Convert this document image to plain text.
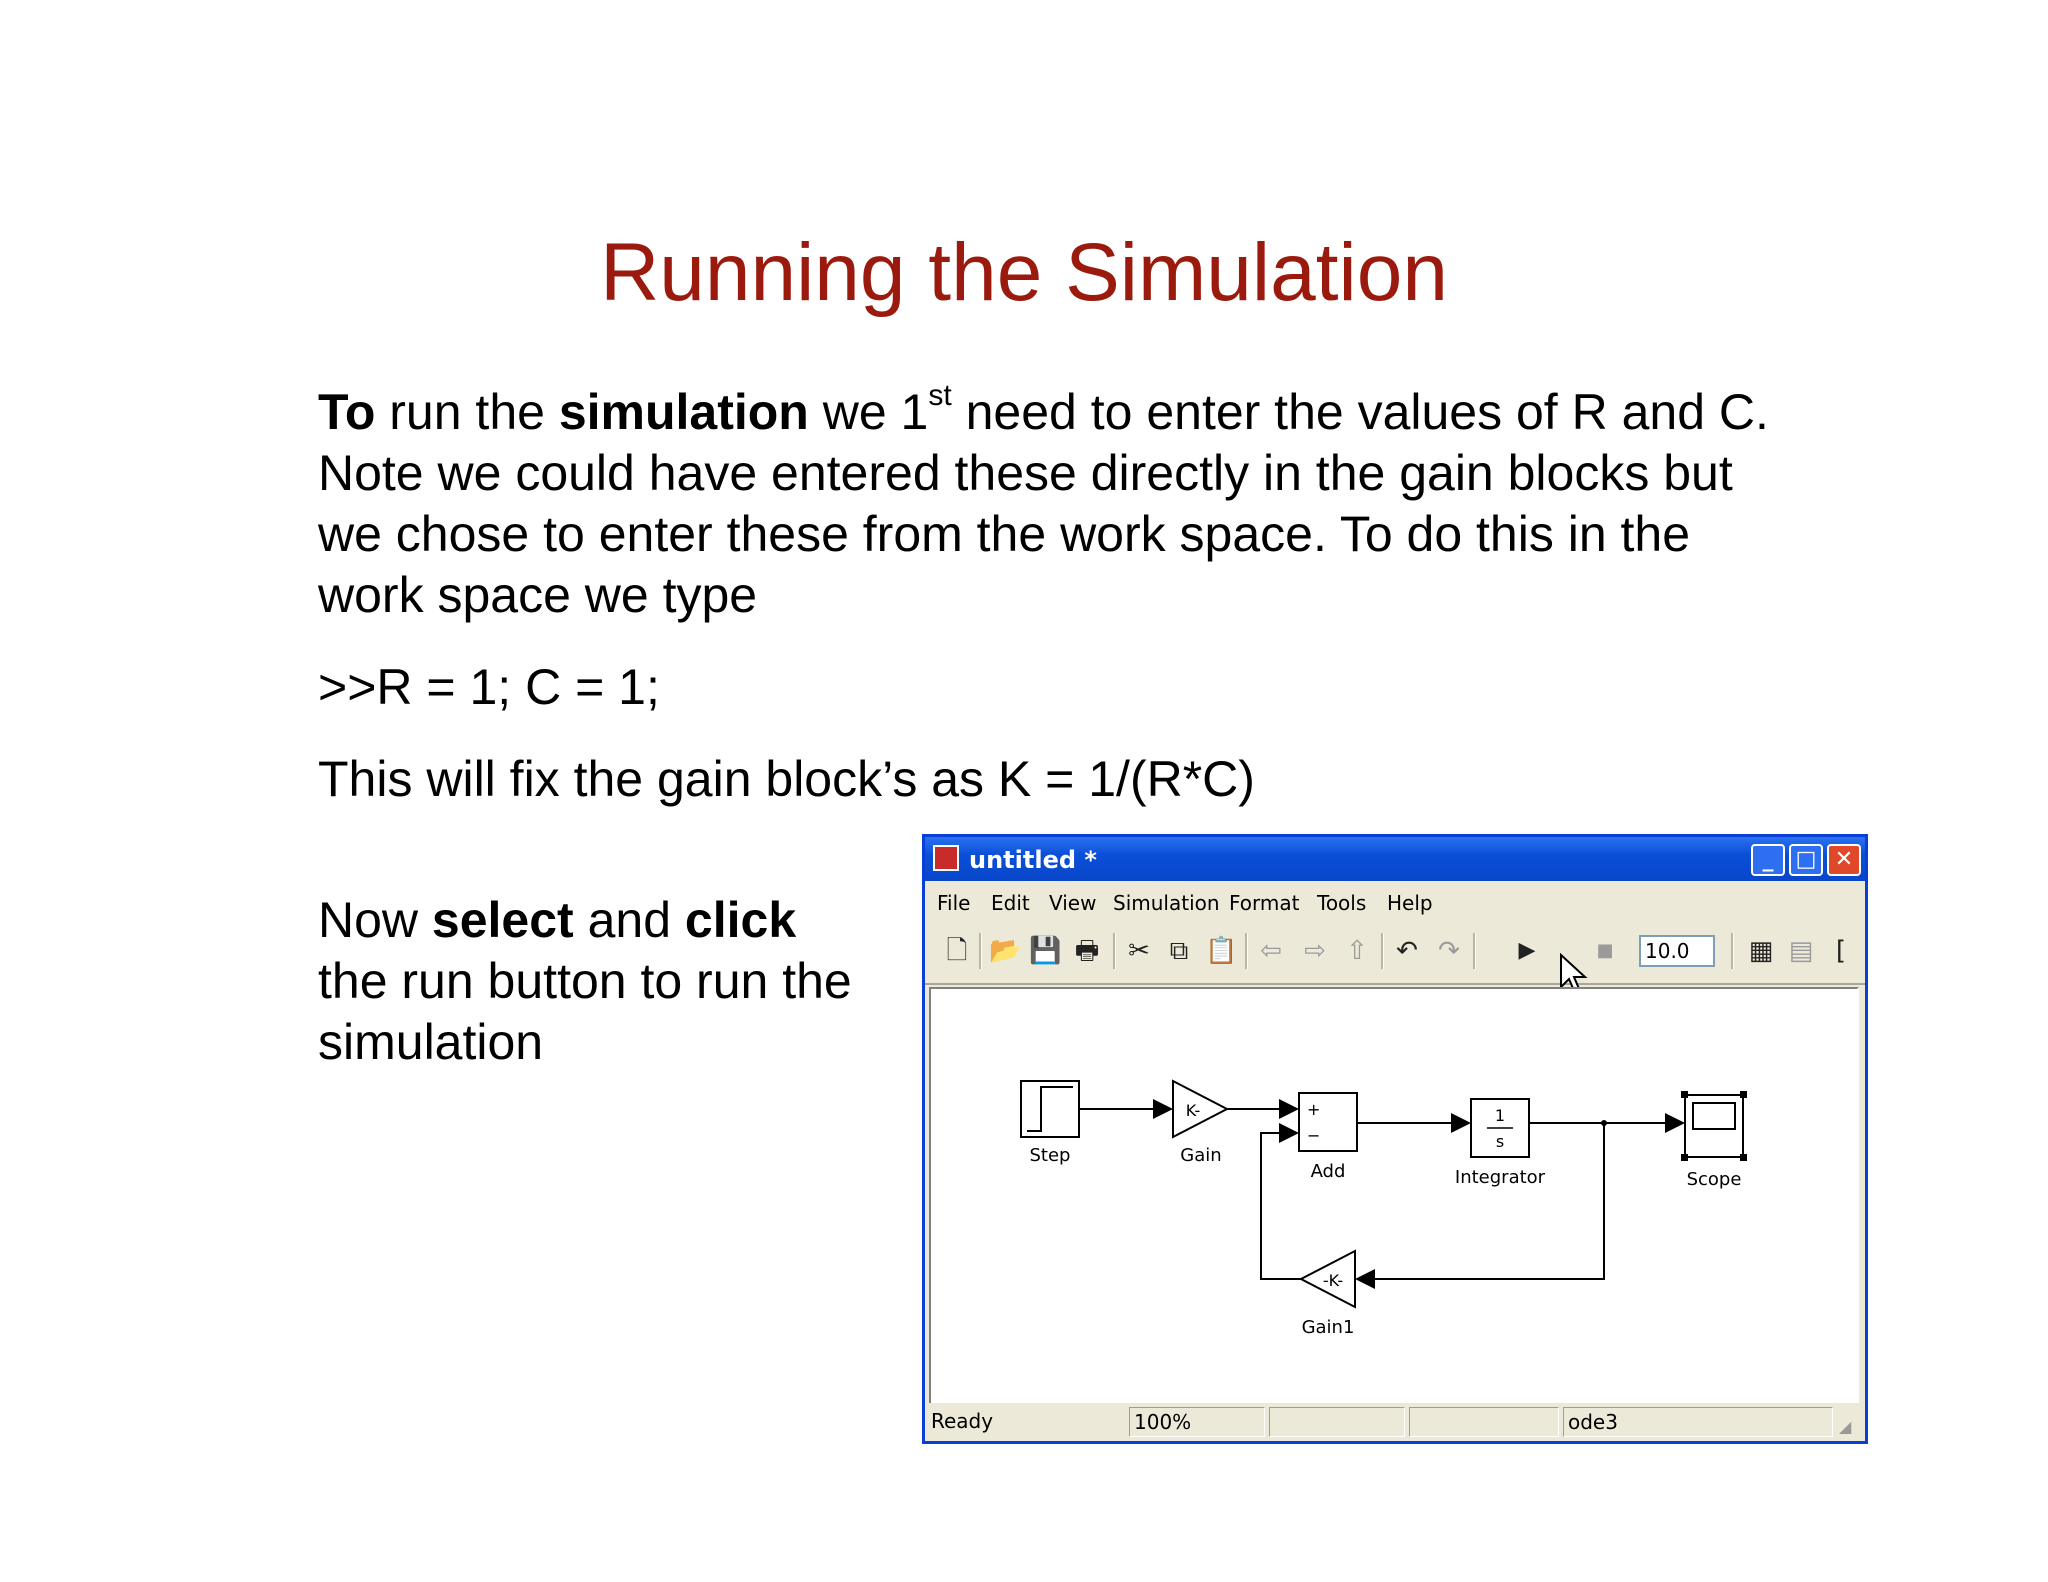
Running the Simulation

To run the simulation we 1st need to enter the values of R and C. Note we could have entered these directly in the gain blocks but we chose to enter these from the work space. To do this in the work space we type

>>R = 1; C = 1;

This will fix the gain block’s as K = 1/(R*C)

Now select and click the run button to run the simulation
untitled *	_	□ ✕
File Edit View Simulation Format Tools Help
🗋 📂 💾 🖶 ✂ ⧉ 📋 ⇦ ⇨ ⇧ ↶ ↷	▶	■	10.0	▦ ▤ [
Step
K-
Gain
+
−
Add
1
s
Integrator	Scope
-K-
Gain1
Ready	100%	ode3	◢
